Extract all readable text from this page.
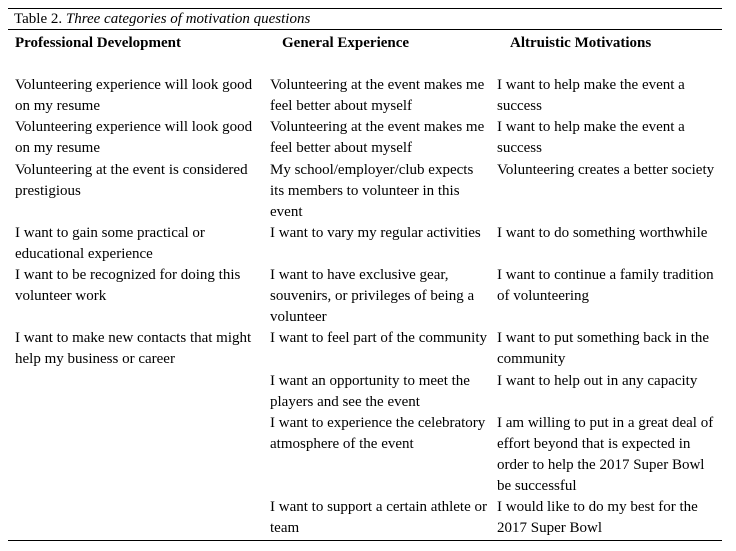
Table 2. Three categories of motivation questions
Professional Development
Volunteering experience will look good on my resume
Volunteering experience will look good on my resume
Volunteering at the event is considered prestigious
I want to gain some practical or educational experience
I want to be recognized for doing this volunteer work
I want to make new contacts that might help my business or career
General Experience
Volunteering at the event makes me feel better about myself
Volunteering at the event makes me feel better about myself
My school/employer/club expects its members to volunteer in this event
I want to vary my regular activities
I want to have exclusive gear, souvenirs, or privileges of being a volunteer
I want to feel part of the community
I want an opportunity to meet the players and see the event
I want to experience the celebratory atmosphere of the event
I want to support a certain athlete or team
Altruistic Motivations
I want to help make the event a success
I want to help make the event a success
Volunteering creates a better society
I want to do something worthwhile
I want to continue a family tradition of volunteering
I want to put something back in the community
I want to help out in any capacity
I am willing to put in a great deal of effort beyond that is expected in order to help the 2017 Super Bowl be successful
I would like to do my best for the 2017 Super Bowl
